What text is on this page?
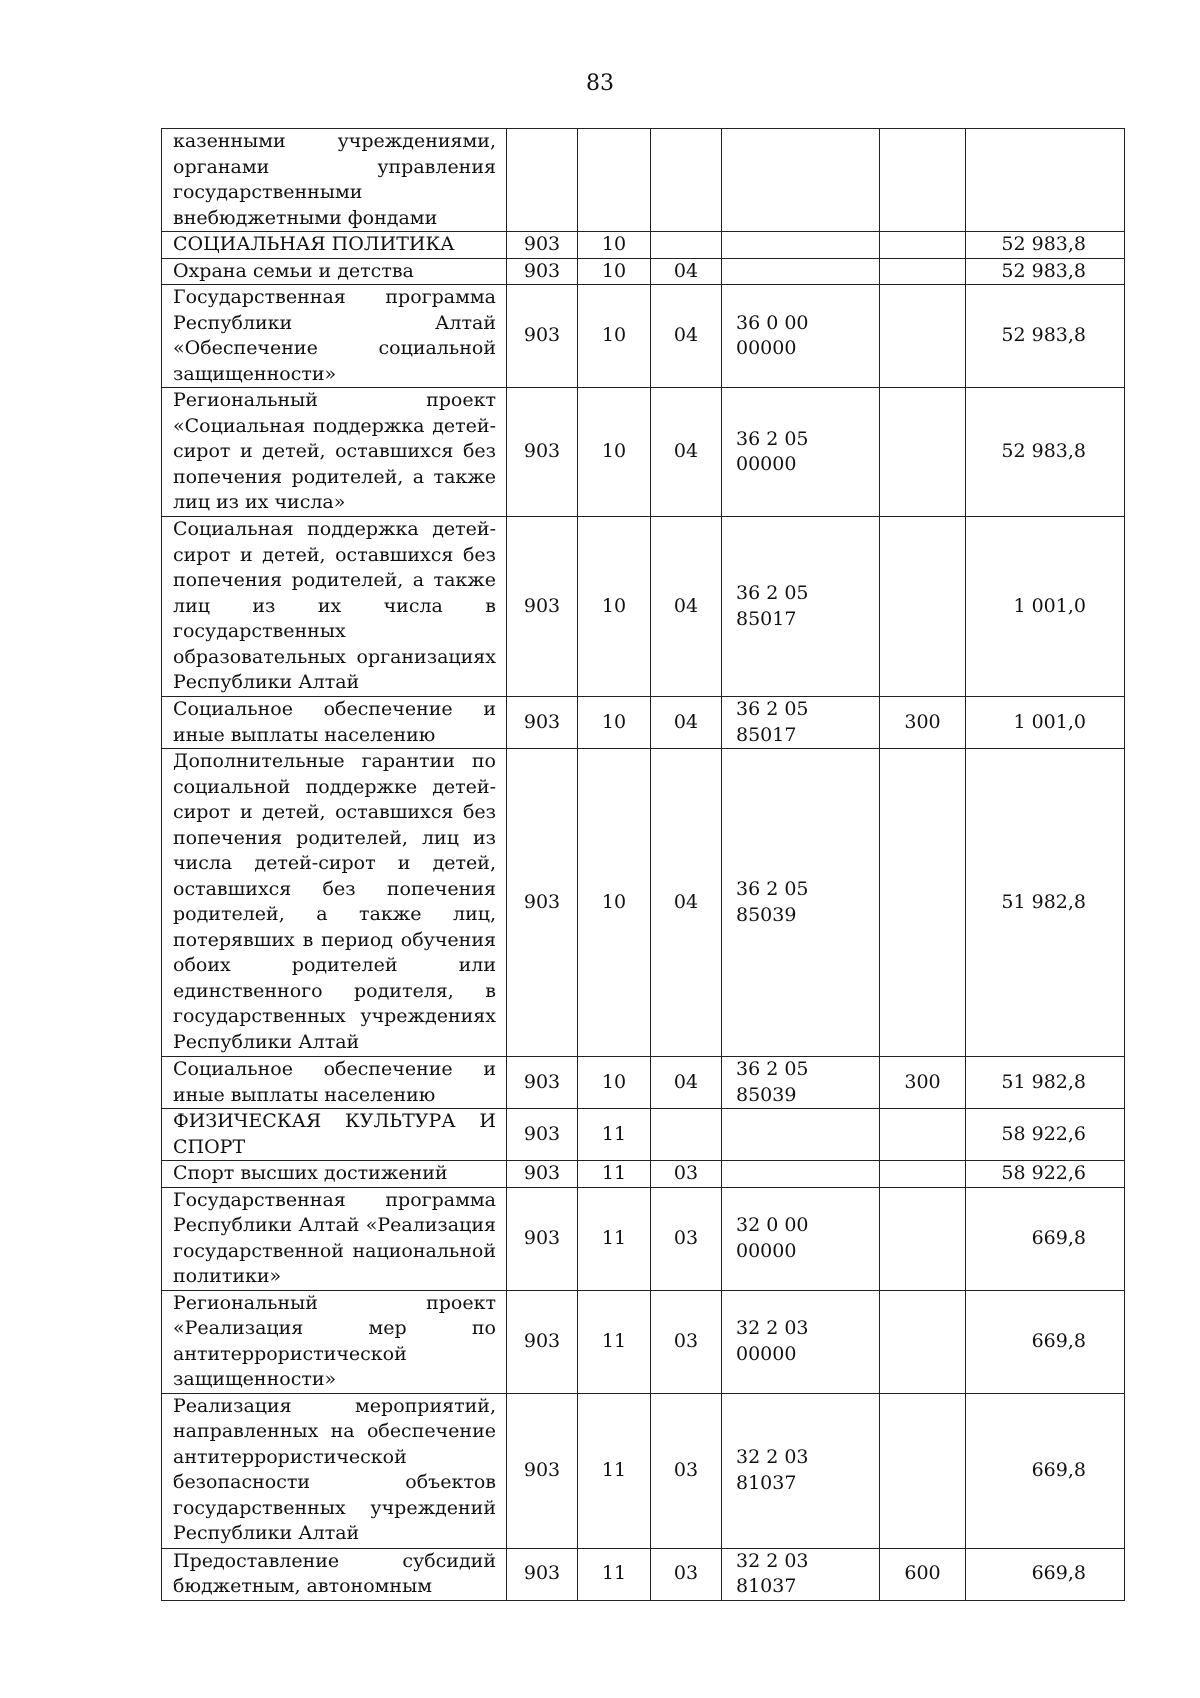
83
казенными учреждениями, органами управления государственными внебюджетными фондами						
СОЦИАЛЬНАЯ ПОЛИТИКА	903	10				52 983,8
Охрана семьи и детства	903	10	04			52 983,8
Государственная программа Республики Алтай «Обеспечение социальной защищенности»	903	10	04	36 0 00 00000		52 983,8
Региональный проект «Социальная поддержка детей-сирот и детей, оставшихся без попечения родителей, а также лиц из их числа»	903	10	04	36 2 05 00000		52 983,8
Социальная поддержка детей-сирот и детей, оставшихся без попечения родителей, а также лиц из их числа в государственных образовательных организациях Республики Алтай	903	10	04	36 2 05 85017		1 001,0
Социальное обеспечение и иные выплаты населению	903	10	04	36 2 05 85017	300	1 001,0
Дополнительные гарантии по социальной поддержке детей-сирот и детей, оставшихся без попечения родителей, лиц из числа детей-сирот и детей, оставшихся без попечения родителей, а также лиц, потерявших в период обучения обоих родителей или единственного родителя, в государственных учреждениях Республики Алтай	903	10	04	36 2 05 85039		51 982,8
Социальное обеспечение и иные выплаты населению	903	10	04	36 2 05 85039	300	51 982,8
ФИЗИЧЕСКАЯ КУЛЬТУРА И СПОРТ	903	11				58 922,6
Спорт высших достижений	903	11	03			58 922,6
Государственная программа Республики Алтай «Реализация государственной национальной политики»	903	11	03	32 0 00 00000		669,8
Региональный проект «Реализация мер по антитеррористической защищенности»	903	11	03	32 2 03 00000		669,8
Реализация мероприятий, направленных на обеспечение антитеррористической безопасности объектов государственных учреждений Республики Алтай	903	11	03	32 2 03 81037		669,8
Предоставление субсидий бюджетным, автономным	903	11	03	32 2 03 81037	600	669,8
